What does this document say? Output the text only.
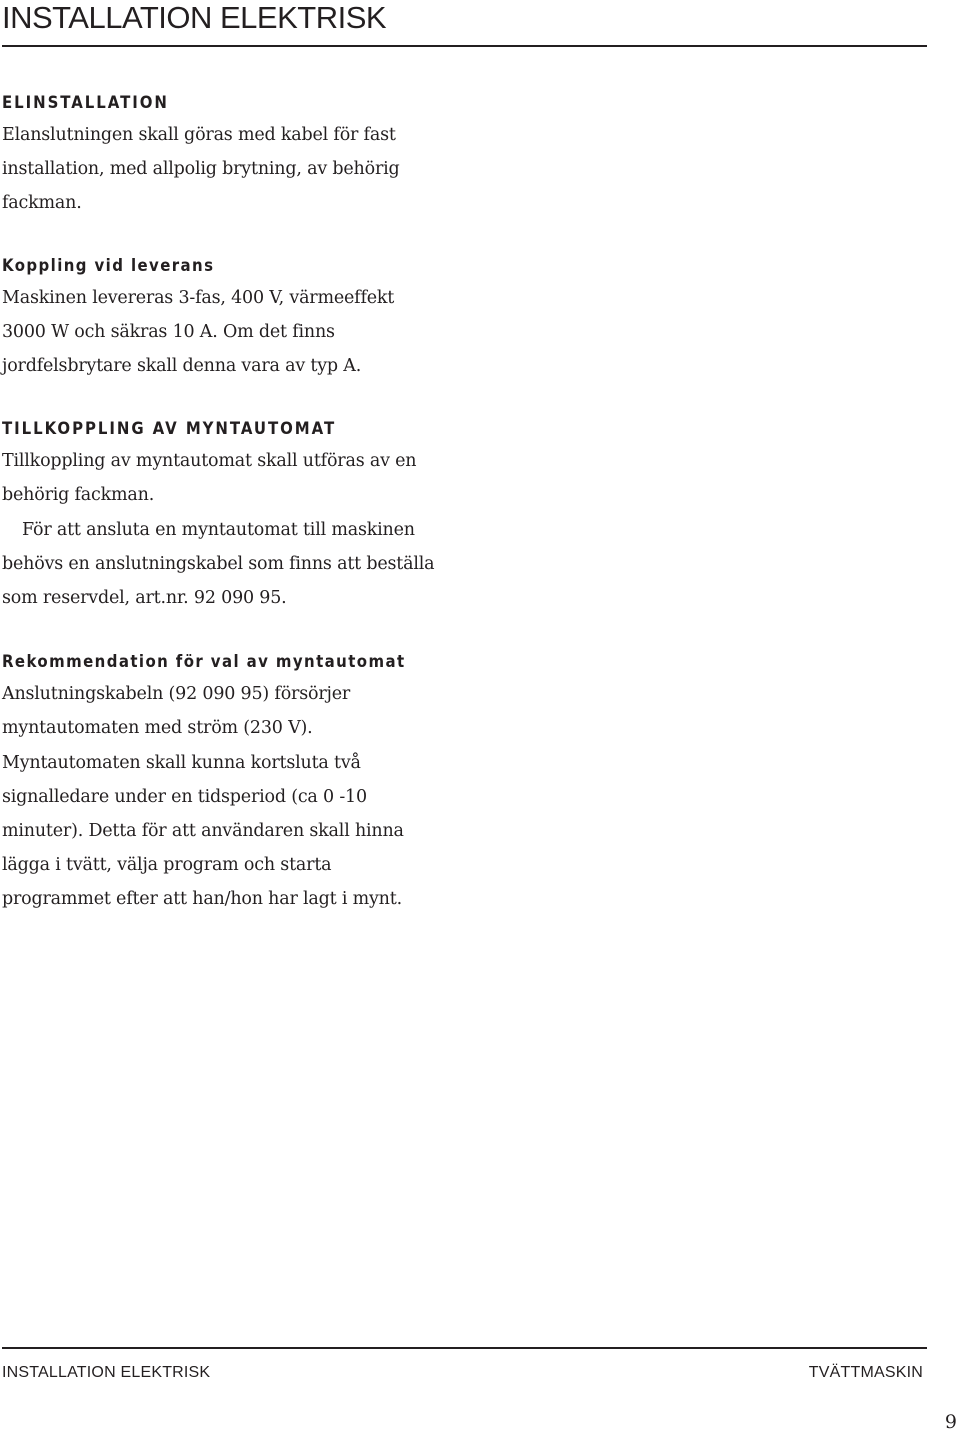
INSTALLATION ELEKTRISK
ELINSTALLATION

Elanslutningen skall göras med kabel för fast installation, med allpolig brytning, av behörig fackman.

Koppling vid leverans

Maskinen levereras 3-fas, 400 V, värmeeffekt 3000 W och säkras 10 A. Om det finns jordfelsbrytare skall denna vara av typ A.

TILLKOPPLING AV MYNTAUTOMAT

Tillkoppling av myntautomat skall utföras av en behörig fackman.

För att ansluta en myntautomat till maskinen behövs en anslutningskabel som finns att beställa som reservdel, art.nr. 92 090 95.

Rekommendation för val av myntautomat

Anslutningskabeln (92 090 95) försörjer myntautomaten med ström (230 V). Myntautomaten skall kunna kortsluta två signalledare under en tidsperiod (ca 0 -10 minuter). Detta för att användaren skall hinna lägga i tvätt, välja program och starta programmet efter att han/hon har lagt i mynt.

INSTALLATION ELEKTRISK	TVÄTTMASKIN
9
